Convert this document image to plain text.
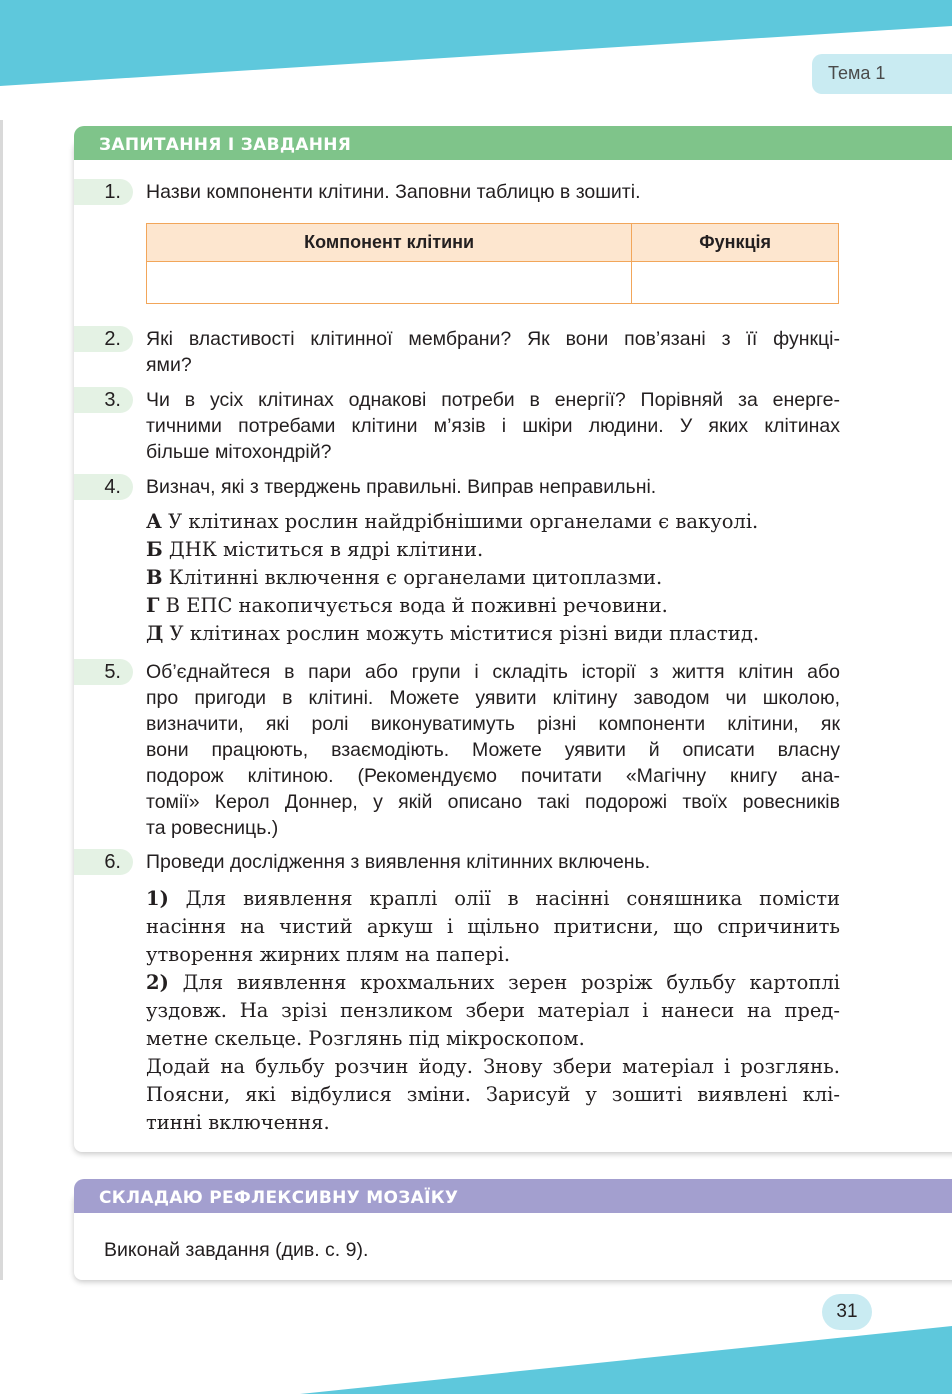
Тема 1
ЗАПИТАННЯ І ЗАВДАННЯ
1.	Назви компоненти клітини. Заповни таблицю в зошиті.
Компонент клітини	Функція

2.	Які властивості клітинної мембрани? Як вони пов’язані з її функці-
ями?
3.	Чи в усіх клітинах однакові потреби в енергії? Порівняй за енерге-
тичними потребами клітини м’язів і шкіри людини. У яких клітинах
більше мітохондрій?
4.	Визнач, які з тверджень правильні. Виправ неправильні.
А У клітинах рослин найдрібнішими органелами є вакуолі.
Б ДНК міститься в ядрі клітини.
В Клітинні включення є органелами цитоплазми.
Г В ЕПС накопичується вода й поживні речовини.
Д У клітинах рослин можуть міститися різні види пластид.
5.	Об’єднайтеся в пари або групи і складіть історії з життя клітин або
про пригоди в клітині. Можете уявити клітину заводом чи школою,
визначити, які ролі виконуватимуть різні компоненти клітини, як
вони працюють, взаємодіють. Можете уявити й описати власну
подорож клітиною. (Рекомендуємо почитати «Магічну книгу ана-
томії» Керол Доннер, у якій описано такі подорожі твоїх ровесників
та ровесниць.)
6.	Проведи дослідження з виявлення клітинних включень.
1) Для виявлення краплі олії в насінні соняшника помісти
насіння на чистий аркуш і щільно притисни, що спричинить
утворення жирних плям на папері.
2) Для виявлення крохмальних зерен розріж бульбу картоплі
уздовж. На зрізі пензликом збери матеріал і нанеси на пред-
метне скельце. Розглянь під мікроскопом.
Додай на бульбу розчин йоду. Знову збери матеріал і розглянь.
Поясни, які відбулися зміни. Зарисуй у зошиті виявлені клі-
тинні включення.
СКЛАДАЮ РЕФЛЕКСИВНУ МОЗАЇКУ
Виконай завдання (див. с. 9).
31
